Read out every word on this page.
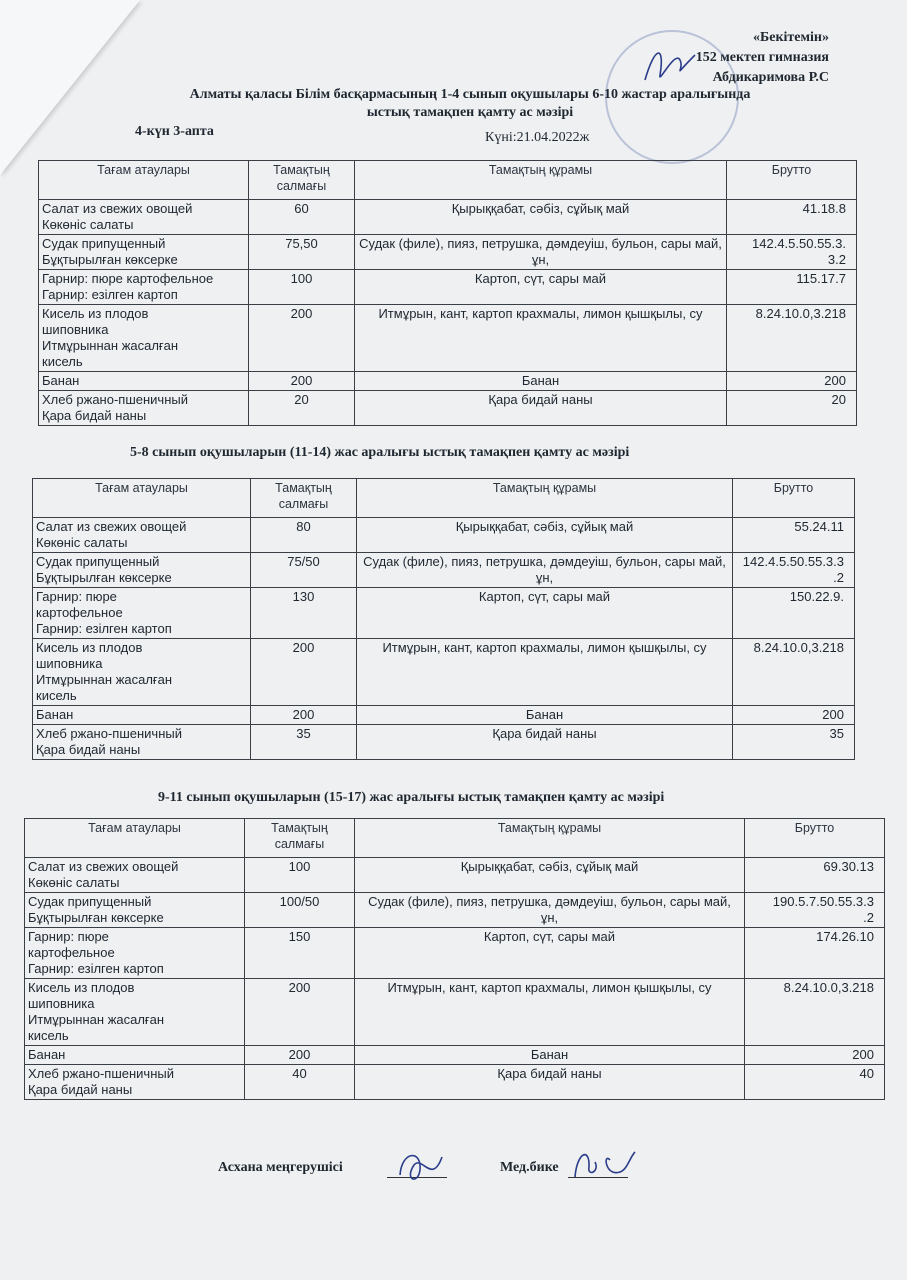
«Бекітемін»
152 мектеп гимназия
Абдикаримова Р.С
Алматы қаласы Білім басқармасының 1-4 сынып оқушылары 6-10 жастар аралығында
ыстық тамақпен қамту ас мәзірі
4-күн 3-апта	Күні:21.04.2022ж
Тағам атаулары	Тамақтың салмағы	Тамақтың құрамы	Брутто
Салат из свежих овощей
Көкөніс салаты	60	Қырыққабат, сәбіз, сұйық май	41.18.8
Судак припущенный
Бұқтырылған көксерке	75,50	Судак (филе), пияз, петрушка, дәмдеуіш, бульон, сары май, ұн,	142.4.5.50.55.3.
3.2
Гарнир: пюре картофельное
Гарнир: езілген картоп	100	Картоп, сүт, сары май	115.17.7
Кисель из плодов
шиповника
Итмұрыннан жасалған
кисель	200	Итмұрын, кант, картоп крахмалы, лимон қышқылы, су	8.24.10.0,3.218
Банан	200	Банан	200
Хлеб ржано-пшеничный
Қара бидай наны	20	Қара бидай наны	20
5-8 сынып оқушыларын (11-14) жас аралығы ыстық тамақпен қамту ас мәзірі
Тағам атаулары	Тамақтың салмағы	Тамақтың құрамы	Брутто
Салат из свежих овощей
Көкөніс салаты	80	Қырыққабат, сәбіз, сұйық май	55.24.11
Судак припущенный
Бұқтырылған көксерке	75/50	Судак (филе), пияз, петрушка, дәмдеуіш, бульон, сары май, ұн,	142.4.5.50.55.3.3
.2
Гарнир: пюре
картофельное
Гарнир: езілген картоп	130	Картоп, сүт, сары май	150.22.9.
Кисель из плодов
шиповника
Итмұрыннан жасалған
кисель	200	Итмұрын, кант, картоп крахмалы, лимон қышқылы, су	8.24.10.0,3.218
Банан	200	Банан	200
Хлеб ржано-пшеничный
Қара бидай наны	35	Қара бидай наны	35
9-11 сынып оқушыларын (15-17) жас аралығы ыстық тамақпен қамту ас мәзірі
Тағам атаулары	Тамақтың салмағы	Тамақтың құрамы	Брутто
Салат из свежих овощей
Көкөніс салаты	100	Қырыққабат, сәбіз, сұйық май	69.30.13
Судак припущенный
Бұқтырылған көксерке	100/50	Судак (филе), пияз, петрушка, дәмдеуіш, бульон, сары май, ұн,	190.5.7.50.55.3.3
.2
Гарнир: пюре
картофельное
Гарнир: езілген картоп	150	Картоп, сүт, сары май	174.26.10
Кисель из плодов
шиповника
Итмұрыннан жасалған
кисель	200	Итмұрын, кант, картоп крахмалы, лимон қышқылы, су	8.24.10.0,3.218
Банан	200	Банан	200
Хлеб ржано-пшеничный
Қара бидай наны	40	Қара бидай наны	40
Асхана меңгерушісі	Мед.бике
